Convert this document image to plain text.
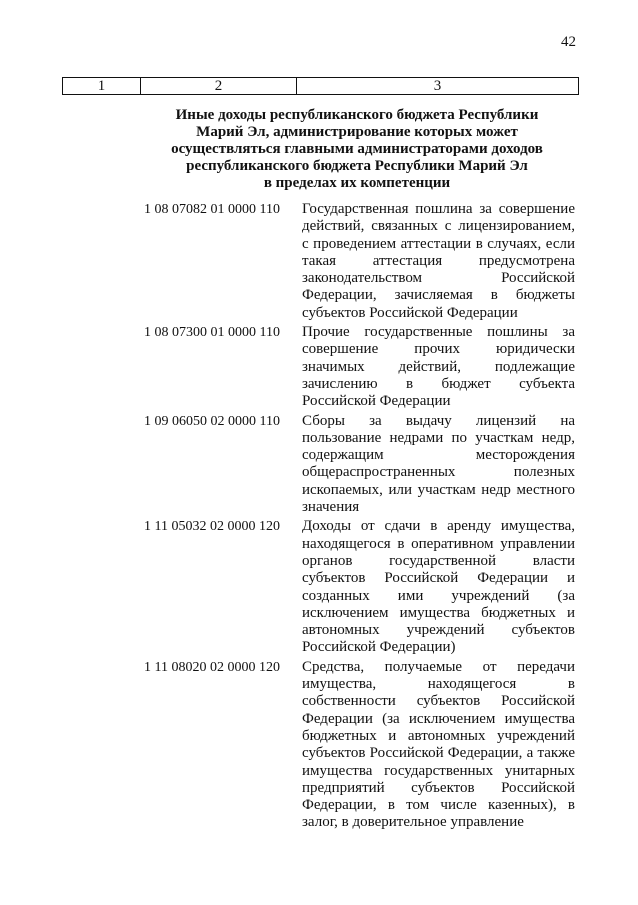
42
1	2	3
Иные доходы республиканского бюджета Республики
Марий Эл, администрирование которых может
осуществляться главными администраторами доходов
республиканского бюджета Республики Марий Эл
в пределах их компетенции
1 08 07082 01 0000 110	Государственная пошлина за совершение действий, связанных с лицензированием, с проведением аттестации в случаях, если такая аттестация предусмотрена законодательством Российской Федерации, зачисляемая в бюджеты субъектов Российской Федерации
1 08 07300 01 0000 110	Прочие государственные пошлины за совершение прочих юридически значимых действий, подлежащие зачислению в бюджет субъекта Российской Федерации
1 09 06050 02 0000 110	Сборы за выдачу лицензий на пользование недрами по участкам недр, содержащим месторождения общераспространенных полезных ископаемых, или участкам недр местного значения
1 11 05032 02 0000 120	Доходы от сдачи в аренду имущества, находящегося в оперативном управлении органов государственной власти субъектов Российской Федерации и созданных ими учреждений (за исключением имущества бюджетных и автономных учреждений субъектов Российской Федерации)
1 11 08020 02 0000 120	Средства, получаемые от передачи имущества, находящегося в собственности субъектов Российской Федерации (за исключением имущества бюджетных и автономных учреждений субъектов Российской Федерации, а также имущества государственных унитарных предприятий субъектов Российской Федерации, в том числе казенных), в залог, в доверительное управление
